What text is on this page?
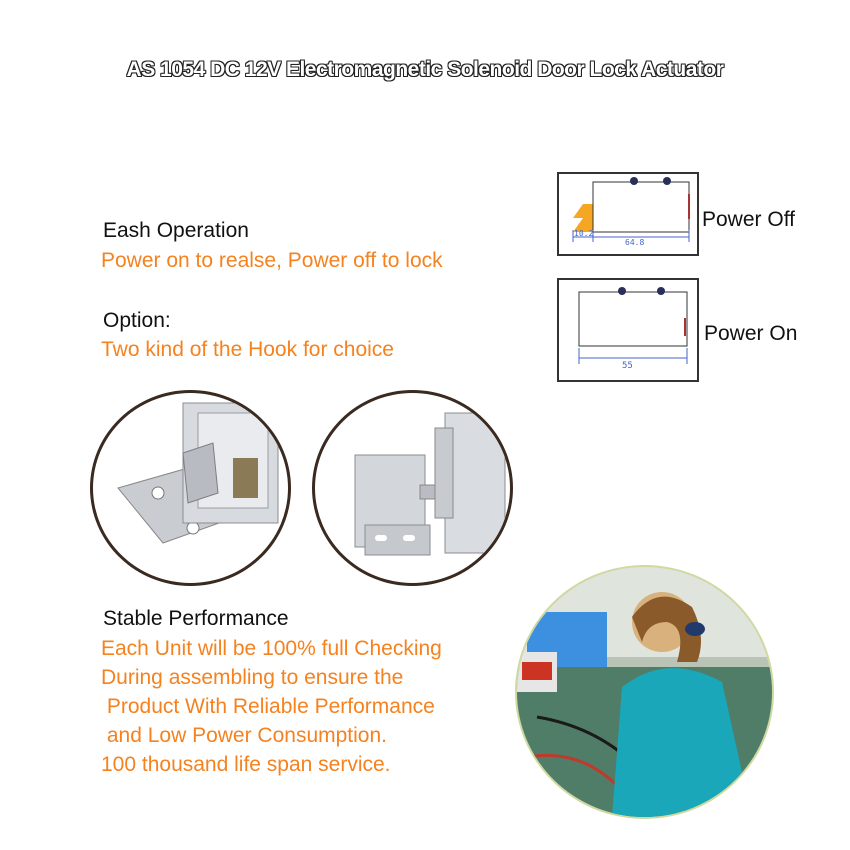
AS 1054 DC 12V Electromagnetic Solenoid Door Lock Actuator
Eash Operation
Power on to realse, Power off to lock
Option:
Two kind of the Hook for choice
10.2
64.8
Power Off
55
Power On
Stable Performance
Each Unit will be 100% full Checking
During assembling to ensure the
Product With Reliable Performance
and Low Power Consumption.
100 thousand life span service.
